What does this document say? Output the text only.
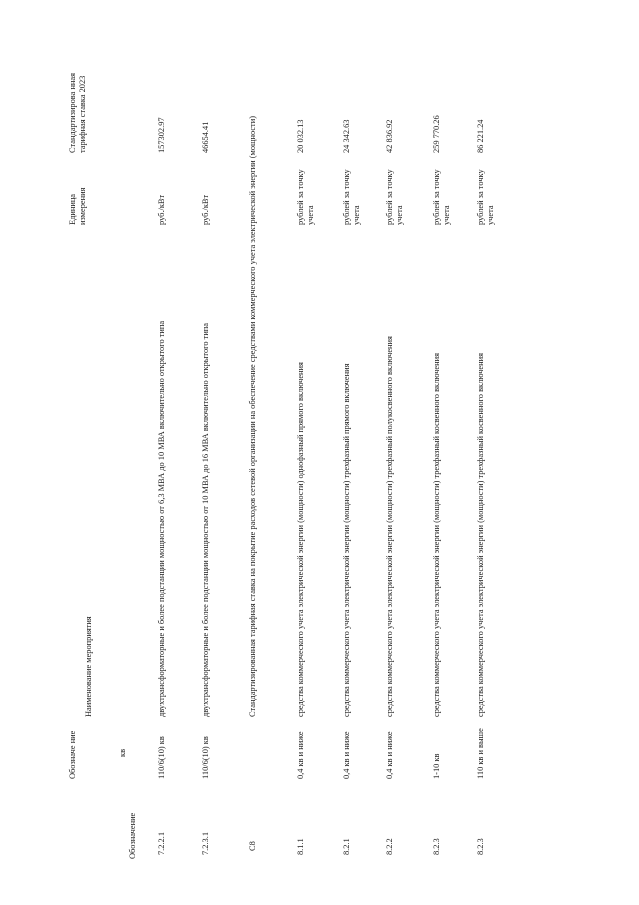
Обозначение
Обозначе ние	кв
Наименование мероприятия
Единица измерения
Стандартизирова нная тарифная ставка 2023
7.2.2.1
110/6(10) кв
двухтрансформаторные и более подстанции мощностью от 6,3 МВА до 10 МВА включительно открытого типа
руб./кВт
157302.97
7.2.3.1
110/6(10) кв
двухтрансформаторные и более подстанции мощностью от 10 МВА до 16 МВА включительно открытого типа
руб./кВт
46654.41
С8
Стандартизированная тарифная ставка на покрытие расходов сетевой организации на обеспечение средствами коммерческого учета электрической энергии (мощности)
8.1.1
0,4 кв и ниже
средства коммерческого учета электрической энергии (мощности) однофазный прямого включения
рублей за точку учета
20 032.13
8.2.1
0,4 кв и ниже
средства коммерческого учета электрической энергии (мощности) трехфазный прямого включения
рублей за точку учета
24 342.63
8.2.2
0,4 кв и ниже
средства коммерческого учета электрической энергии (мощности) трехфазный полукосвенного включения
рублей за точку учета
42 836.92
8.2.3
1-10 кв
средства коммерческого учета электрической энергии (мощности) трехфазный косвенного включения
рублей за точку учета
259 770.26
8.2.3
110 кв и выше
средства коммерческого учета электрической энергии (мощности) трехфазный косвенного включения
рублей за точку учета
86 221.24
